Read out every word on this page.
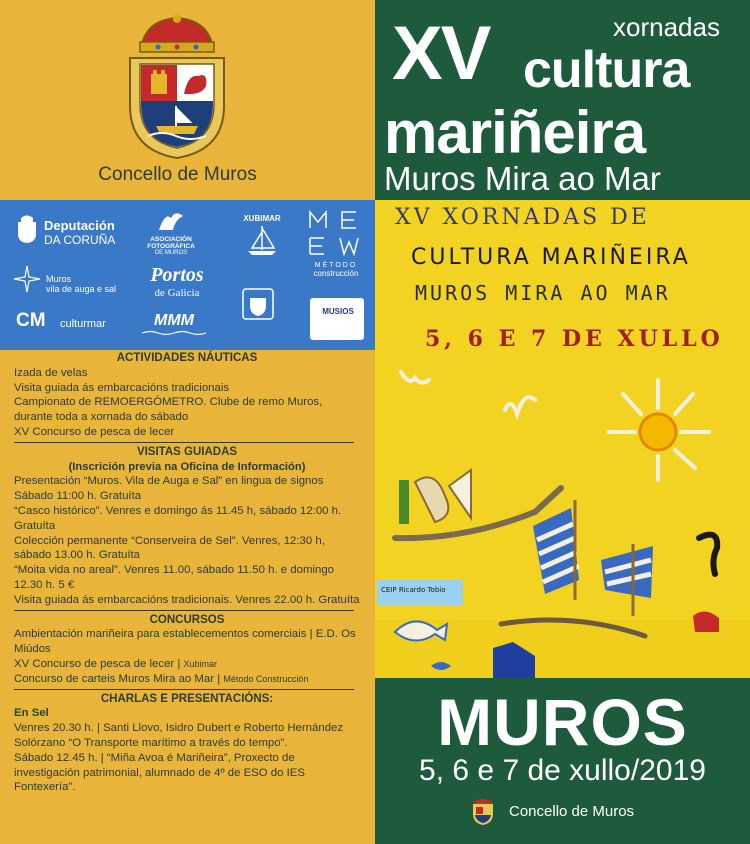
Concello de Muros
Deputación
DA CORUÑA	ASOCIACIÓN FOTOGRÁFICA
DE MUROS
XUBIMAR
MÉTODO
construcción
Muros
vila de auga e sal
Portos
de Galicia
CM culturmar	MMM
MUSIOS
ACTIVIDADES NÁUTICAS
Izada de velas
Visita guiada ás embarcacións tradicionais
Campionato de REMOERGÓMETRO. Clube de remo Muros, durante toda a xornada do sábado
XV Concurso de pesca de lecer
VISITAS GUIADAS
(Inscrición previa na Oficina de Información)
Presentación “Muros. Vila de Auga e Sal” en lingua de signos Sábado 11:00 h. Gratuíta
“Casco histórico”. Venres e domingo ás 11.45 h, sábado 12:00 h. Gratuíta
Colección permanente “Conserveira de Sel”. Venres, 12:30 h, sábado 13.00 h. Gratuíta
“Moita vida no areal”. Venres 11.00, sábado 11.50 h. e domingo 12.30 h. 5 €
Visita guiada ás embarcacións tradicionais. Venres 22.00 h. Gratuíta
CONCURSOS
Ambientación mariñeira para establecementos comerciais | E.D. Os Miúdos
XV Concurso de pesca de lecer | Xubimar
Concurso de carteis Muros Mira ao Mar | Método Construcción
CHARLAS E PRESENTACIÓNS:
En Sel
Venres 20.30 h. | Santi Llovo, Isidro Dubert e Roberto Hernández Solórzano “O Transporte marítimo a través do tempo”.
Sábado 12.45 h. | “Miña Avoa é Mariñeira”, Proxecto de investigación patrimonial, alumnado de 4º de ESO do IES Fontexería”.
xornadas
XV cultura
mariñeira
Muros Mira ao Mar
XV XORNADAS DE
CULTURA MARIÑEIRA
MUROS MIRA AO MAR
5, 6 E 7 DE XULLO
CEIP Ricardo Tobío
MUROS
5, 6 e 7 de xullo/2019
Concello de Muros
